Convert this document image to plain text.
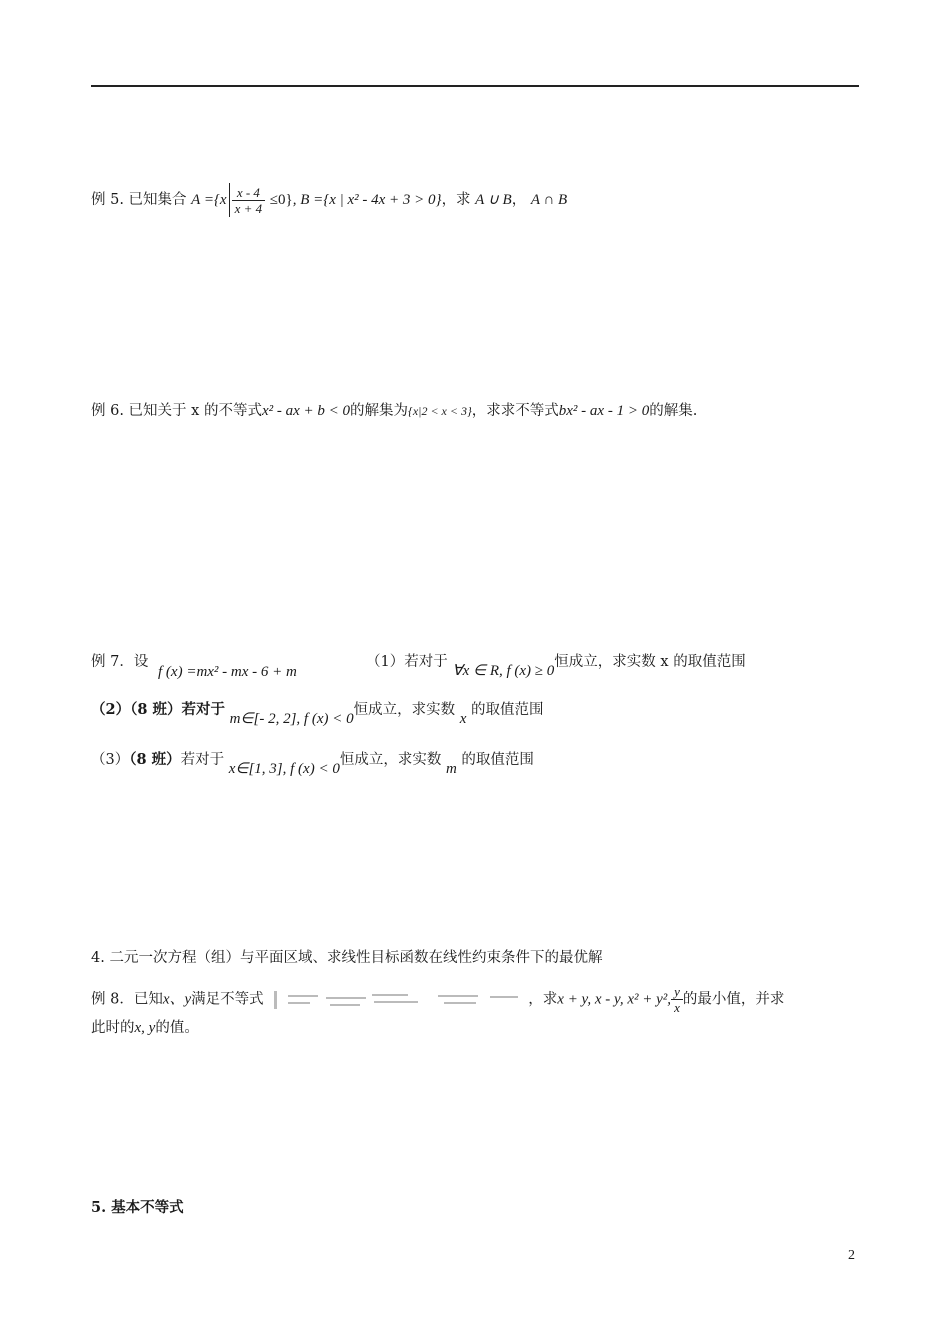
例 5. 已知集合 $A =\{x \frac{x - 4}{x + 4} \le 0\}$, B ={x | x² - 4x + 3 > 0}，求 A ∪ B， A ∩ B
例 6. 已知关于 x 的不等式x² - ax + b < 0的解集为{x|2 < x < 3}，求求不等式bx² - ax - 1 > 0的解集.
例 7．设
f (x) =mx² - mx - 6 + m
（1）若对于 ∀x ∈ R, f (x) ≥ 0恒成立，求实数 x 的取值范围
（2）（8 班）若对于 m∈[- 2, 2], f (x) < 0恒成立，求实数 x 的取值范围
（3）（8 班）若对于 x∈[1, 3], f (x) < 0恒成立，求实数 m 的取值范围
4. 二元一次方程（组）与平面区域、求线性目标函数在线性约束条件下的最优解
例 8．已知x、y满足不等式	，求x + y, x - y, x² + y², $\frac{y}{x}$ 的最小值，并求
此时的x, y的值。
5. 基本不等式
2
